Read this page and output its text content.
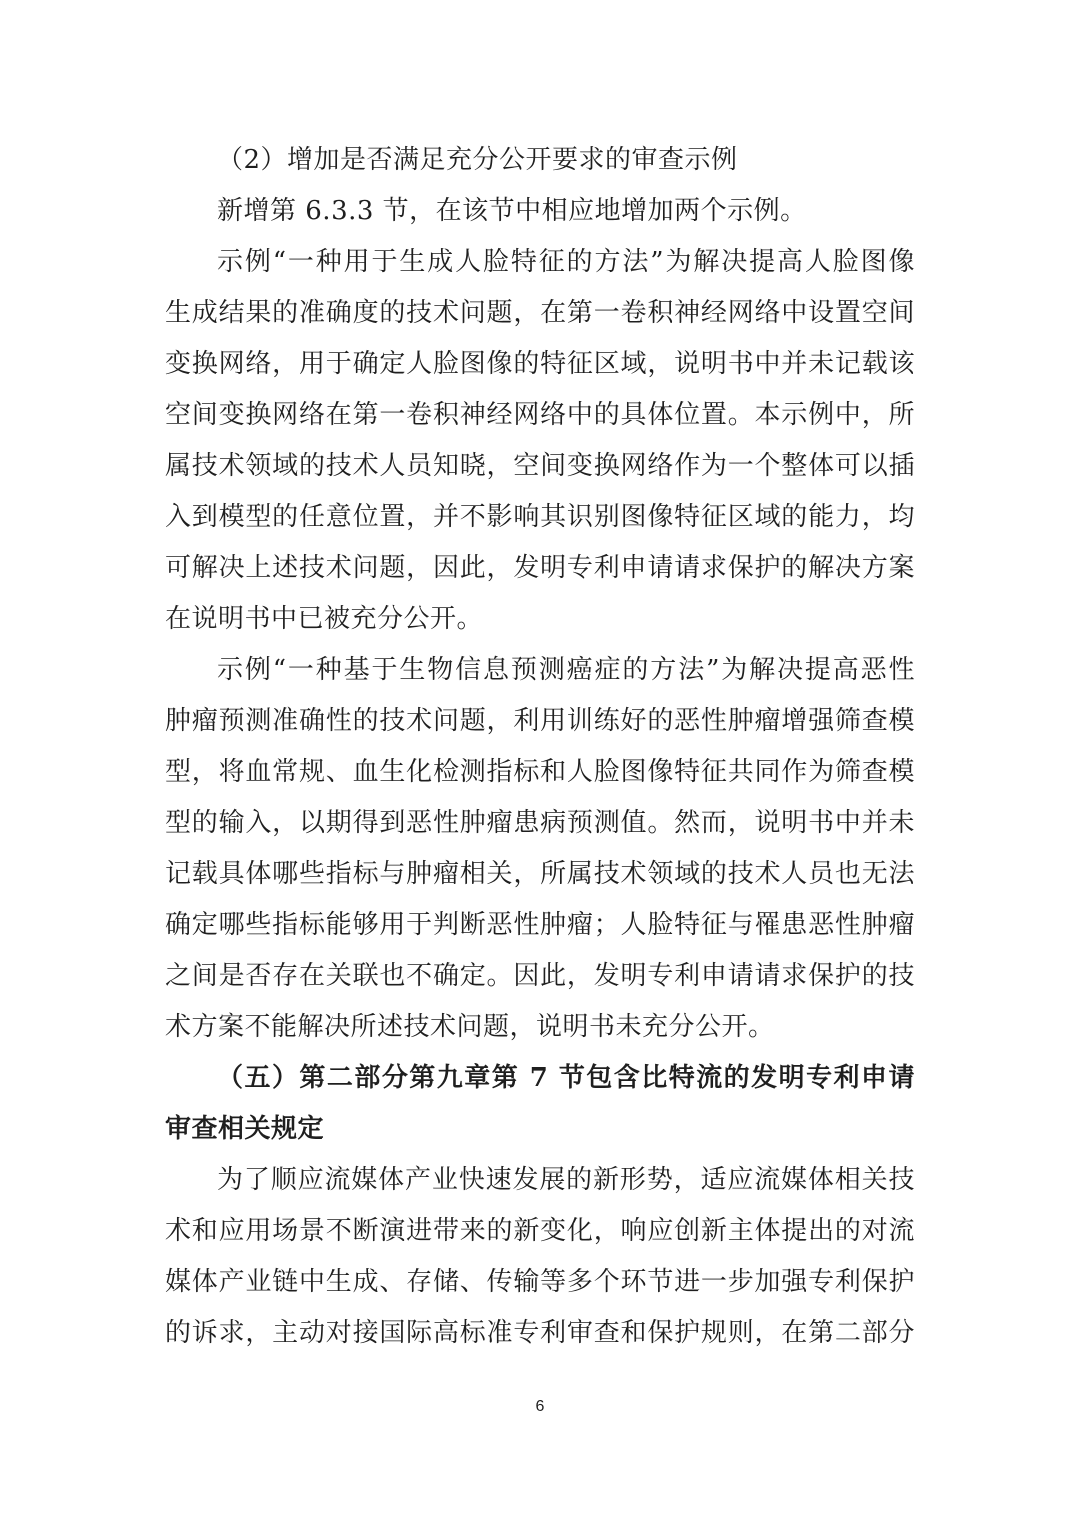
（2）增加是否满足充分公开要求的审查示例
新增第 6.3.3 节，在该节中相应地增加两个示例。
示例“一种用于生成人脸特征的方法”为解决提高人脸图像
生成结果的准确度的技术问题，在第一卷积神经网络中设置空间
变换网络，用于确定人脸图像的特征区域，说明书中并未记载该
空间变换网络在第一卷积神经网络中的具体位置。本示例中，所
属技术领域的技术人员知晓，空间变换网络作为一个整体可以插
入到模型的任意位置，并不影响其识别图像特征区域的能力，均
可解决上述技术问题，因此，发明专利申请请求保护的解决方案
在说明书中已被充分公开。
示例“一种基于生物信息预测癌症的方法”为解决提高恶性
肿瘤预测准确性的技术问题，利用训练好的恶性肿瘤增强筛查模
型，将血常规、血生化检测指标和人脸图像特征共同作为筛查模
型的输入，以期得到恶性肿瘤患病预测值。然而，说明书中并未
记载具体哪些指标与肿瘤相关，所属技术领域的技术人员也无法
确定哪些指标能够用于判断恶性肿瘤；人脸特征与罹患恶性肿瘤
之间是否存在关联也不确定。因此，发明专利申请请求保护的技
术方案不能解决所述技术问题，说明书未充分公开。
（五）第二部分第九章第 7 节包含比特流的发明专利申请
审查相关规定
为了顺应流媒体产业快速发展的新形势，适应流媒体相关技
术和应用场景不断演进带来的新变化，响应创新主体提出的对流
媒体产业链中生成、存储、传输等多个环节进一步加强专利保护
的诉求，主动对接国际高标准专利审查和保护规则，在第二部分
6
